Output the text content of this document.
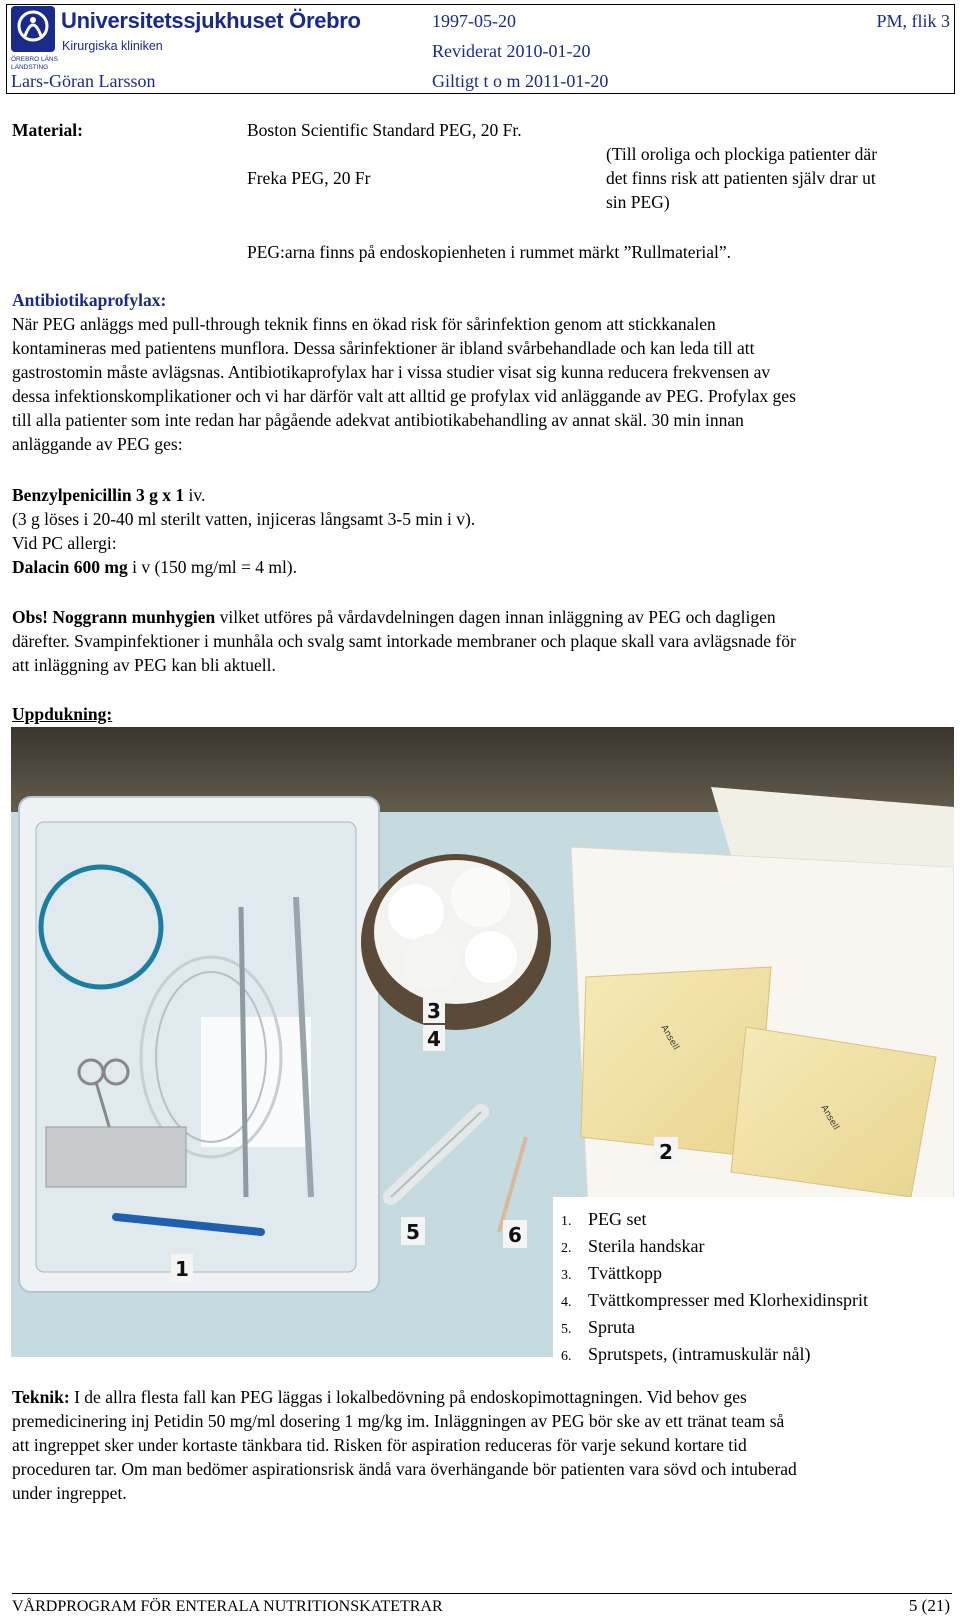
ÖREBRO LÄNS LANDSTING
Universitetssjukhuset Örebro
Kirurgiska kliniken
Lars-Göran Larsson
1997-05-20
Reviderat 2010-01-20
Giltigt t o m 2011-01-20
PM, flik 3
Material:	Boston Scientific Standard PEG, 20 Fr.
Freka PEG, 20 Fr
(Till oroliga och plockiga patienter där
det finns risk att patienten själv drar ut
sin PEG)
PEG:arna finns på endoskopienheten i rummet märkt ”Rullmaterial”.
Antibiotikaprofylax:
När PEG anläggs med pull-through teknik finns en ökad risk för sårinfektion genom att stickkanalen
kontamineras med patientens munflora. Dessa sårinfektioner är ibland svårbehandlade och kan leda till att
gastrostomin måste avlägsnas. Antibiotikaprofylax har i vissa studier visat sig kunna reducera frekvensen av
dessa infektionskomplikationer och vi har därför valt att alltid ge profylax vid anläggande av PEG. Profylax ges
till alla patienter som inte redan har pågående adekvat antibiotikabehandling av annat skäl. 30 min innan
anläggande av PEG ges:
Benzylpenicillin 3 g x 1 iv.
(3 g löses i 20-40 ml sterilt vatten, injiceras långsamt 3-5 min i v).
Vid PC allergi:
Dalacin 600 mg i v (150 mg/ml = 4 ml).
Obs! Noggrann munhygien vilket utföres på vårdavdelningen dagen innan inläggning av PEG och dagligen
därefter. Svampinfektioner i munhåla och svalg samt intorkade membraner och plaque skall vara avlägsnade för
att inläggning av PEG kan bli aktuell.
Uppdukning:
Ansell
Ansell
3
4
2
5	6
1
1. PEG set
2. Sterila handskar
3. Tvättkopp
4. Tvättkompresser med Klorhexidinsprit
5. Spruta
6. Sprutspets, (intramuskulär nål)
Teknik: I de allra flesta fall kan PEG läggas i lokalbedövning på endoskopimottagningen. Vid behov ges
premedicinering inj Petidin 50 mg/ml dosering 1 mg/kg im. Inläggningen av PEG bör ske av ett tränat team så
att ingreppet sker under kortaste tänkbara tid. Risken för aspiration reduceras för varje sekund kortare tid
proceduren tar. Om man bedömer aspirationsrisk ändå vara överhängande bör patienten vara sövd och intuberad
under ingreppet.
VÅRDPROGRAM FÖR ENTERALA NUTRITIONSKATETRAR	5 (21)
